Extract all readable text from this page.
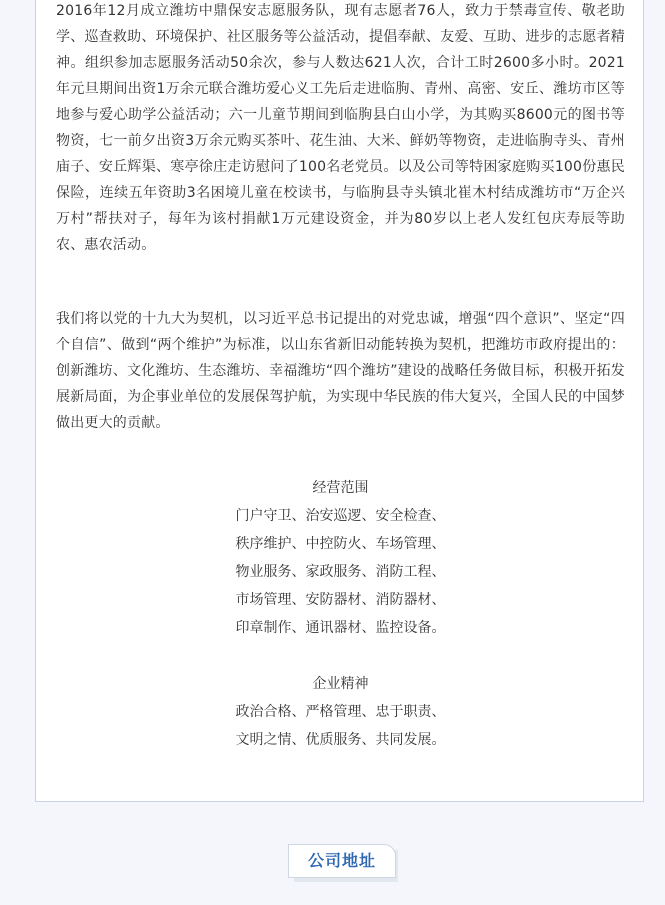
2016年12月成立潍坊中鼎保安志愿服务队，现有志愿者76人，致力于禁毒宣传、敬老助学、巡查救助、环境保护、社区服务等公益活动，提倡奉献、友爱、互助、进步的志愿者精神。组织参加志愿服务活动50余次，参与人数达621人次，合计工时2600多小时。2021年元旦期间出资1万余元联合潍坊爱心义工先后走进临朐、青州、高密、安丘、潍坊市区等地参与爱心助学公益活动；六一儿童节期间到临朐县白山小学，为其购买8600元的图书等物资，七一前夕出资3万余元购买茶叶、花生油、大米、鲜奶等物资，走进临朐寺头、青州庙子、安丘辉渠、寒亭徐庄走访慰问了100名老党员。以及公司等特困家庭购买100份惠民保险，连续五年资助3名困境儿童在校读书，与临朐县寺头镇北崔木村结成潍坊市“万企兴万村”帮扶对子，每年为该村捐献1万元建设资金，并为80岁以上老人发红包庆寿辰等助农、惠农活动。

我们将以党的十九大为契机，以习近平总书记提出的对党忠诚，增强“四个意识”、坚定“四个自信”、做到“两个维护”为标准，以山东省新旧动能转换为契机，把潍坊市政府提出的：创新潍坊、文化潍坊、生态潍坊、幸福潍坊“四个潍坊”建设的战略任务做目标，积极开拓发展新局面，为企事业单位的发展保驾护航，为实现中华民族的伟大复兴，全国人民的中国梦做出更大的贡献。

经营范围
门户守卫、治安巡逻、安全检查、
秩序维护、中控防火、车场管理、
物业服务、家政服务、消防工程、
市场管理、安防器材、消防器材、
印章制作、通讯器材、监控设备。
企业精神
政治合格、严格管理、忠于职责、
文明之情、优质服务、共同发展。
公司地址
